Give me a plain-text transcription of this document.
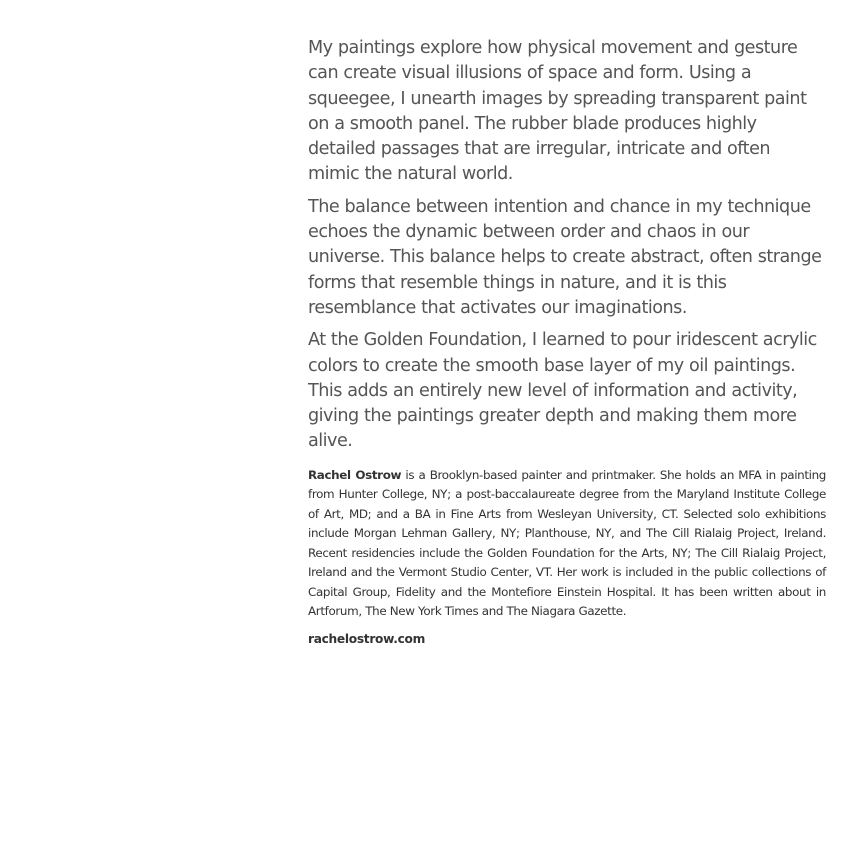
My paintings explore how physical movement and gesture can create visual illusions of space and form. Using a squeegee, I unearth images by spreading transparent paint on a smooth panel. The rubber blade produces highly detailed passages that are irregular, intricate and often mimic the natural world.

The balance between intention and chance in my technique echoes the dynamic between order and chaos in our universe. This balance helps to create abstract, often strange forms that resemble things in nature, and it is this resemblance that activates our imaginations.

At the Golden Foundation, I learned to pour iridescent acrylic colors to create the smooth base layer of my oil paintings. This adds an entirely new level of information and activity, giving the paintings greater depth and making them more alive.

Rachel Ostrow is a Brooklyn-based painter and printmaker. She holds an MFA in painting from Hunter College, NY; a post-baccalaureate degree from the Maryland Institute College of Art, MD; and a BA in Fine Arts from Wesleyan University, CT. Selected solo exhibitions include Morgan Lehman Gallery, NY; Planthouse, NY, and The Cill Rialaig Project, Ireland. Recent residencies include the Golden Foundation for the Arts, NY; The Cill Rialaig Project, Ireland and the Vermont Studio Center, VT. Her work is included in the public collections of Capital Group, Fidelity and the Montefiore Einstein Hospital. It has been written about in Artforum, The New York Times and The Niagara Gazette.

rachelostrow.com
